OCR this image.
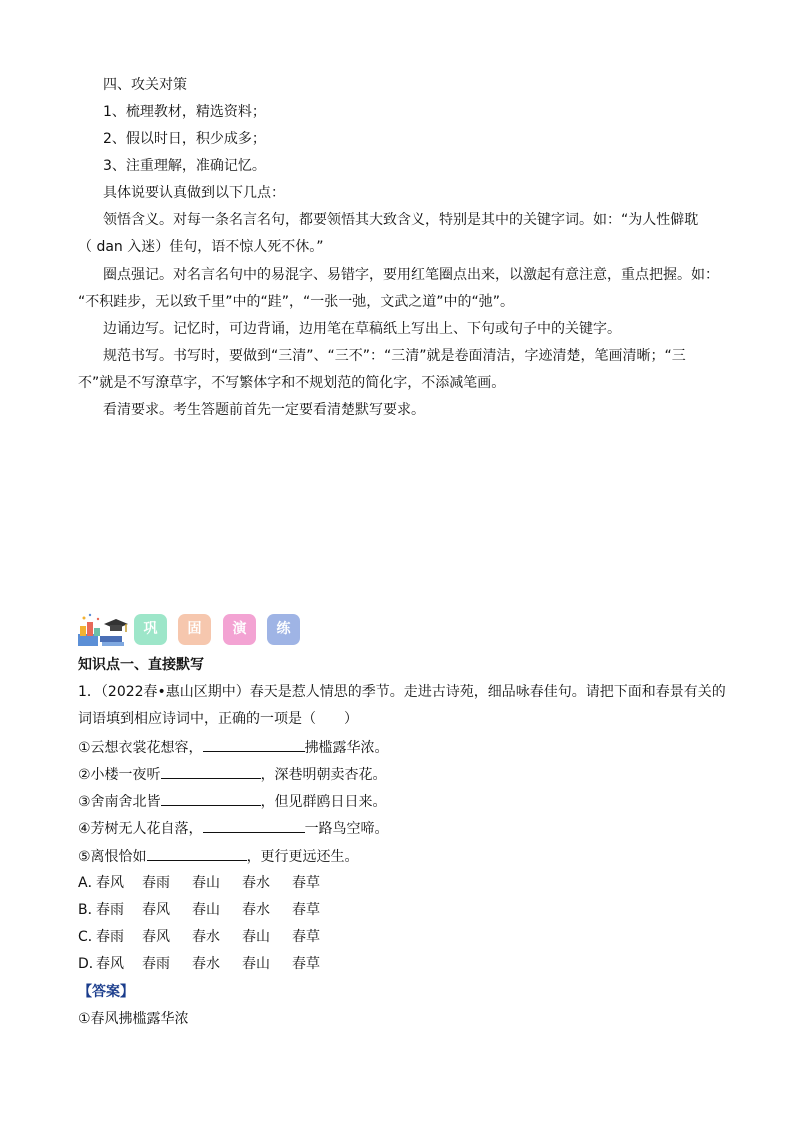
四、攻关对策
1、梳理教材，精选资料；
2、假以时日，积少成多；
3、注重理解，准确记忆。
具体说要认真做到以下几点：
领悟含义。对每一条名言名句，都要领悟其大致含义，特别是其中的关键字词。如：“为人性僻耽
（ dan 入迷）佳句，语不惊人死不休。”
圈点强记。对名言名句中的易混字、易错字，要用红笔圈点出来，以激起有意注意，重点把握。如：
“不积跬步，无以致千里”中的“跬”，“一张一弛，文武之道”中的“弛”。
边诵边写。记忆时，可边背诵，边用笔在草稿纸上写出上、下句或句子中的关键字。
规范书写。书写时，要做到“三清”、“三不”：“三清”就是卷面清洁，字迹清楚，笔画清晰；“三
不”就是不写潦草字，不写繁体字和不规划范的简化字，不添减笔画。
看清要求。考生答题前首先一定要看清楚默写要求。
巩	固	演	练
知识点一、直接默写
1．（2022春•惠山区期中）春天是惹人情思的季节。走进古诗苑，细品咏春佳句。请把下面和春景有关的
词语填到相应诗词中，正确的一项是（　　）
①云想衣裳花想容，	拂槛露华浓。
②小楼一夜听	，深巷明朝卖杏花。
③舍南舍北皆	，但见群鸥日日来。
④芳树无人花自落，	一路鸟空啼。
⑤离恨恰如	，更行更远还生。
A．春风 春雨 春山 春水 春草
B．春雨 春风 春山 春水 春草
C．春雨 春风 春水 春山 春草
D．春风 春雨 春水 春山 春草
【答案】
①春风拂槛露华浓
